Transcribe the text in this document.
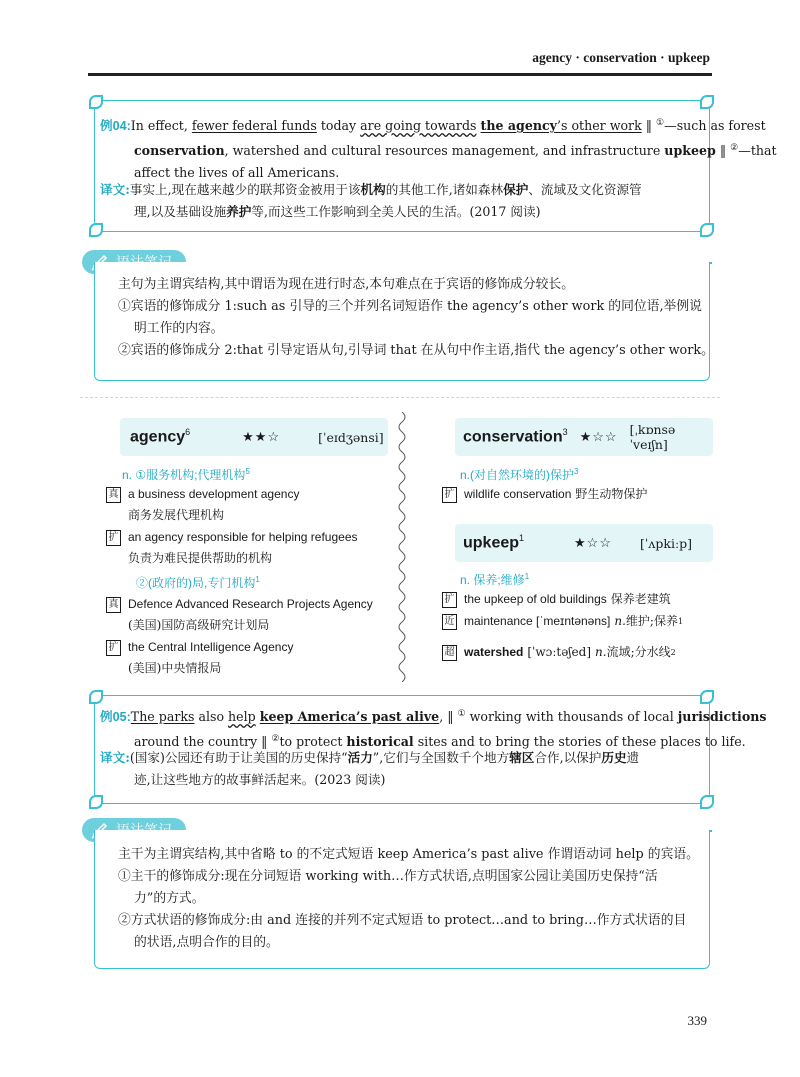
agency · conservation · upkeep
例04:In effect, fewer federal funds today are going towards the agency’s other work ‖ ①—such as forest
conservation, watershed and cultural resources management, and infrastructure upkeep ‖ ②—that
affect the lives of all Americans.
译文:事实上,现在越来越少的联邦资金被用于该机构的其他工作,诸如森林保护、流域及文化资源管
理,以及基础设施养护等,而这些工作影响到全美人民的生活。(2017 阅读)
主句为主谓宾结构,其中谓语为现在进行时态,本句难点在于宾语的修饰成分较长。
①宾语的修饰成分 1:such as 引导的三个并列名词短语作 the agency’s other work 的同位语,举例说
明工作的内容。
②宾语的修饰成分 2:that 引导定语从句,引导词 that 在从句中作主语,指代 the agency’s other work。
agency$^6$	★★☆	[ˈeɪdʒənsi]
n. ①服务机构;代理机构$^5$
真 a business development agency
商务发展代理机构
扩 an agency responsible for helping refugees
负责为难民提供帮助的机构
②(政府的)局,专门机构$^1$
真 Defence Advanced Research Projects Agency
(美国)国防高级研究计划局
扩 the Central Intelligence Agency
(美国)中央情报局
conservation$^3$ ★☆☆ [ˌkɒnsəˈveɪʃn]
n.(对自然环境的)保护$^3$
扩 wildlife conservation 野生动物保护
upkeep$^1$	★☆☆ [ˈʌpkiːp]
n. 保养;维修$^1$
扩 the upkeep of old buildings 保养老建筑
近 maintenance [ˈmeɪntənəns] n. 维护;保养 1
超 watershed [ˈwɔːtəʃed] n. 流域;分水线 2
例05:The parks also help keep America’s past alive, ‖ ① working with thousands of local jurisdictions
around the country ‖ ②to protect historical sites and to bring the stories of these places to life.
译文:(国家)公园还有助于让美国的历史保持“活力”,它们与全国数千个地方辖区合作,以保护历史遗
迹,让这些地方的故事鲜活起来。(2023 阅读)
主干为主谓宾结构,其中省略 to 的不定式短语 keep America’s past alive 作谓语动词 help 的宾语。
①主干的修饰成分:现在分词短语 working with…作方式状语,点明国家公园让美国历史保持“活
力”的方式。
②方式状语的修饰成分:由 and 连接的并列不定式短语 to protect…and to bring…作方式状语的目
的状语,点明合作的目的。
339
